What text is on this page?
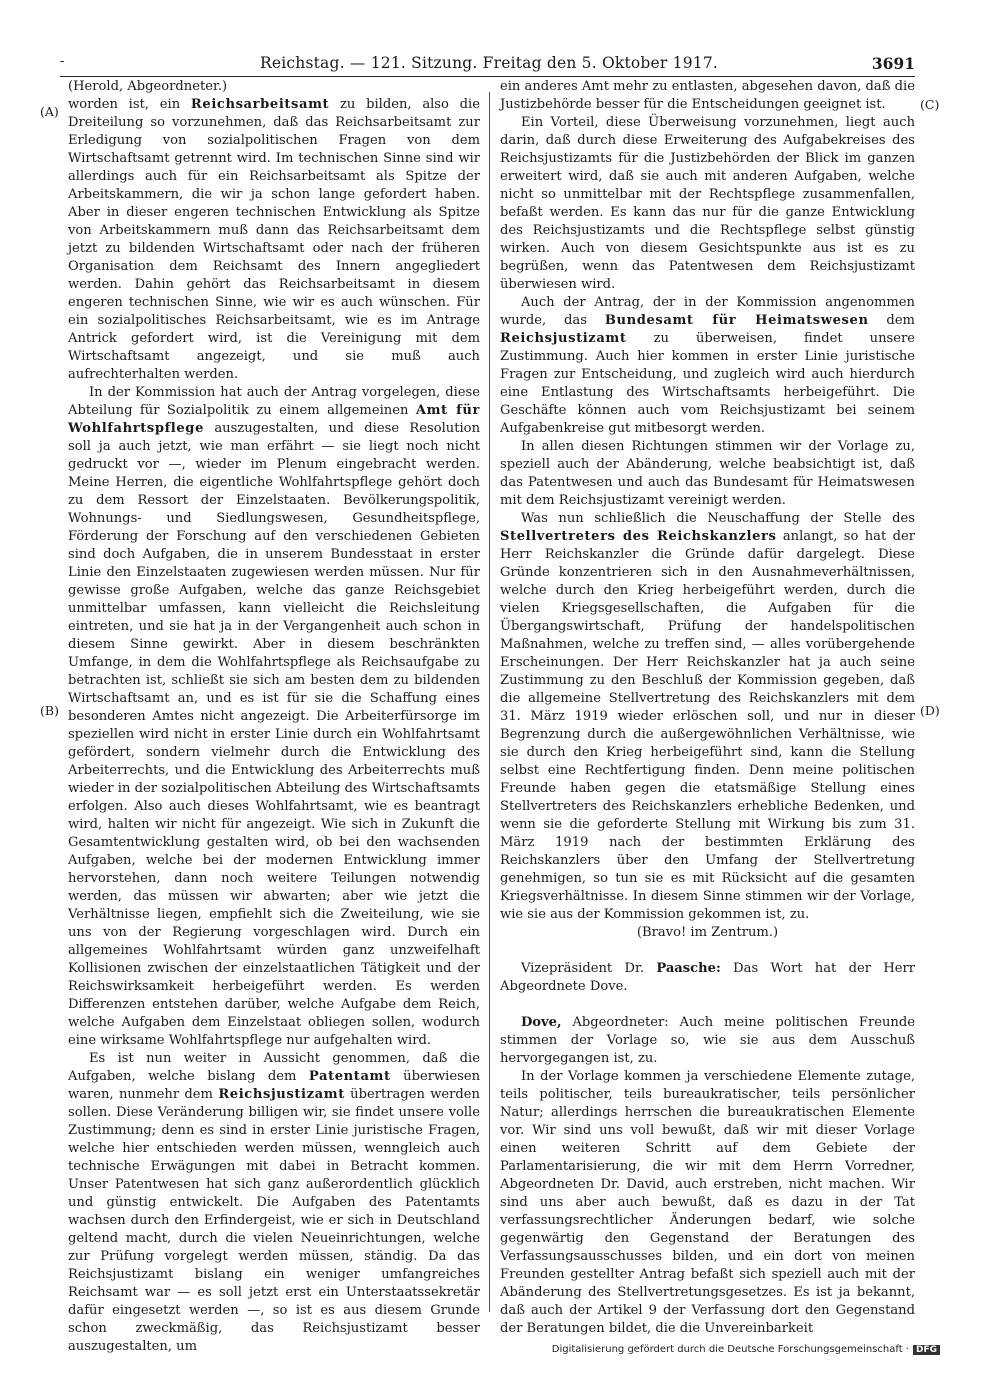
-	Reichstag. — 121. Sitzung. Freitag den 5. Oktober 1917.	3691
(A)
(B)
(C)
(D)

(Herold, Abgeordneter.)

worden ist, ein Reichsarbeitsamt zu bilden, also die Dreiteilung so vorzunehmen, daß das Reichsarbeitsamt zur Erledigung von sozialpolitischen Fragen von dem Wirtschaftsamt getrennt wird. Im technischen Sinne sind wir allerdings auch für ein Reichsarbeitsamt als Spitze der Arbeitskammern, die wir ja schon lange gefordert haben. Aber in dieser engeren technischen Entwicklung als Spitze von Arbeitskammern muß dann das Reichsarbeitsamt dem jetzt zu bildenden Wirtschaftsamt oder nach der früheren Organisation dem Reichsamt des Innern angegliedert werden. Dahin gehört das Reichsarbeitsamt in diesem engeren technischen Sinne, wie wir es auch wünschen. Für ein sozialpolitisches Reichsarbeitsamt, wie es im Antrage Antrick gefordert wird, ist die Vereinigung mit dem Wirtschaftsamt angezeigt, und sie muß auch aufrechterhalten werden.

In der Kommission hat auch der Antrag vorgelegen, diese Abteilung für Sozialpolitik zu einem allgemeinen Amt für Wohlfahrtspflege auszugestalten, und diese Resolution soll ja auch jetzt, wie man erfährt — sie liegt noch nicht gedruckt vor —, wieder im Plenum eingebracht werden. Meine Herren, die eigentliche Wohlfahrtspflege gehört doch zu dem Ressort der Einzelstaaten. Bevölkerungspolitik, Wohnungs- und Siedlungswesen, Gesundheitspflege, Förderung der Forschung auf den verschiedenen Gebieten sind doch Aufgaben, die in unserem Bundesstaat in erster Linie den Einzelstaaten zugewiesen werden müssen. Nur für gewisse große Aufgaben, welche das ganze Reichsgebiet unmittelbar umfassen, kann vielleicht die Reichsleitung eintreten, und sie hat ja in der Vergangenheit auch schon in diesem Sinne gewirkt. Aber in diesem beschränkten Umfange, in dem die Wohlfahrtspflege als Reichsaufgabe zu betrachten ist, schließt sie sich am besten dem zu bildenden Wirtschaftsamt an, und es ist für sie die Schaffung eines besonderen Amtes nicht angezeigt. Die Arbeiterfürsorge im speziellen wird nicht in erster Linie durch ein Wohlfahrtsamt gefördert, sondern vielmehr durch die Entwicklung des Arbeiterrechts, und die Entwicklung des Arbeiterrechts muß wieder in der sozialpolitischen Abteilung des Wirtschaftsamts erfolgen. Also auch dieses Wohlfahrtsamt, wie es beantragt wird, halten wir nicht für angezeigt. Wie sich in Zukunft die Gesamtentwicklung gestalten wird, ob bei den wachsenden Aufgaben, welche bei der modernen Entwicklung immer hervorstehen, dann noch weitere Teilungen notwendig werden, das müssen wir abwarten; aber wie jetzt die Verhältnisse liegen, empfiehlt sich die Zweiteilung, wie sie uns von der Regierung vorgeschlagen wird. Durch ein allgemeines Wohlfahrtsamt würden ganz unzweifelhaft Kollisionen zwischen der einzelstaatlichen Tätigkeit und der Reichswirksamkeit herbeigeführt werden. Es werden Differenzen entstehen darüber, welche Aufgabe dem Reich, welche Aufgaben dem Einzelstaat obliegen sollen, wodurch eine wirksame Wohlfahrtspflege nur aufgehalten wird.

Es ist nun weiter in Aussicht genommen, daß die Aufgaben, welche bislang dem Patentamt überwiesen waren, nunmehr dem Reichsjustizamt übertragen werden sollen. Diese Veränderung billigen wir, sie findet unsere volle Zustimmung; denn es sind in erster Linie juristische Fragen, welche hier entschieden werden müssen, wenngleich auch technische Erwägungen mit dabei in Betracht kommen. Unser Patentwesen hat sich ganz außerordentlich glücklich und günstig entwickelt. Die Aufgaben des Patentamts wachsen durch den Erfindergeist, wie er sich in Deutschland geltend macht, durch die vielen Neueinrichtungen, welche zur Prüfung vorgelegt werden müssen, ständig. Da das Reichsjustizamt bislang ein weniger umfangreiches Reichsamt war — es soll jetzt erst ein Unterstaatssekretär dafür eingesetzt werden —, so ist es aus diesem Grunde schon zweckmäßig, das Reichsjustizamt besser auszugestalten, um

ein anderes Amt mehr zu entlasten, abgesehen davon, daß die Justizbehörde besser für die Entscheidungen geeignet ist.

Ein Vorteil, diese Überweisung vorzunehmen, liegt auch darin, daß durch diese Erweiterung des Aufgabekreises des Reichsjustizamts für die Justizbehörden der Blick im ganzen erweitert wird, daß sie auch mit anderen Aufgaben, welche nicht so unmittelbar mit der Rechtspflege zusammenfallen, befaßt werden. Es kann das nur für die ganze Entwicklung des Reichsjustizamts und die Rechtspflege selbst günstig wirken. Auch von diesem Gesichtspunkte aus ist es zu begrüßen, wenn das Patentwesen dem Reichsjustizamt überwiesen wird.

Auch der Antrag, der in der Kommission angenommen wurde, das Bundesamt für Heimatswesen dem Reichsjustizamt zu überweisen, findet unsere Zustimmung. Auch hier kommen in erster Linie juristische Fragen zur Entscheidung, und zugleich wird auch hierdurch eine Entlastung des Wirtschaftsamts herbeigeführt. Die Geschäfte können auch vom Reichsjustizamt bei seinem Aufgabenkreise gut mitbesorgt werden.

In allen diesen Richtungen stimmen wir der Vorlage zu, speziell auch der Abänderung, welche beabsichtigt ist, daß das Patentwesen und auch das Bundesamt für Heimatswesen mit dem Reichsjustizamt vereinigt werden.

Was nun schließlich die Neuschaffung der Stelle des Stellvertreters des Reichskanzlers anlangt, so hat der Herr Reichskanzler die Gründe dafür dargelegt. Diese Gründe konzentrieren sich in den Ausnahmeverhältnissen, welche durch den Krieg herbeigeführt werden, durch die vielen Kriegsgesellschaften, die Aufgaben für die Übergangswirtschaft, Prüfung der handelspolitischen Maßnahmen, welche zu treffen sind, — alles vorübergehende Erscheinungen. Der Herr Reichskanzler hat ja auch seine Zustimmung zu den Beschluß der Kommission gegeben, daß die allgemeine Stellvertretung des Reichskanzlers mit dem 31. März 1919 wieder erlöschen soll, und nur in dieser Begrenzung durch die außergewöhnlichen Verhältnisse, wie sie durch den Krieg herbeigeführt sind, kann die Stellung selbst eine Rechtfertigung finden. Denn meine politischen Freunde haben gegen die etatsmäßige Stellung eines Stellvertreters des Reichskanzlers erhebliche Bedenken, und wenn sie die geforderte Stellung mit Wirkung bis zum 31. März 1919 nach der bestimmten Erklärung des Reichskanzlers über den Umfang der Stellvertretung genehmigen, so tun sie es mit Rücksicht auf die gesamten Kriegsverhältnisse. In diesem Sinne stimmen wir der Vorlage, wie sie aus der Kommission gekommen ist, zu.

(Bravo! im Zentrum.)

Vizepräsident Dr. Paasche: Das Wort hat der Herr Abgeordnete Dove.

Dove, Abgeordneter: Auch meine politischen Freunde stimmen der Vorlage so, wie sie aus dem Ausschuß hervorgegangen ist, zu.

In der Vorlage kommen ja verschiedene Elemente zutage, teils politischer, teils bureaukratischer, teils persönlicher Natur; allerdings herrschen die bureaukratischen Elemente vor. Wir sind uns voll bewußt, daß wir mit dieser Vorlage einen weiteren Schritt auf dem Gebiete der Parlamentarisierung, die wir mit dem Herrn Vorredner, Abgeordneten Dr. David, auch erstreben, nicht machen. Wir sind uns aber auch bewußt, daß es dazu in der Tat verfassungsrechtlicher Änderungen bedarf, wie solche gegenwärtig den Gegenstand der Beratungen des Verfassungsausschusses bilden, und ein dort von meinen Freunden gestellter Antrag befaßt sich speziell auch mit der Abänderung des Stellvertretungsgesetzes. Es ist ja bekannt, daß auch der Artikel 9 der Verfassung dort den Gegenstand der Beratungen bildet, die die Unvereinbarkeit

Digitalisierung gefördert durch die Deutsche Forschungsgemeinschaft · DFG
